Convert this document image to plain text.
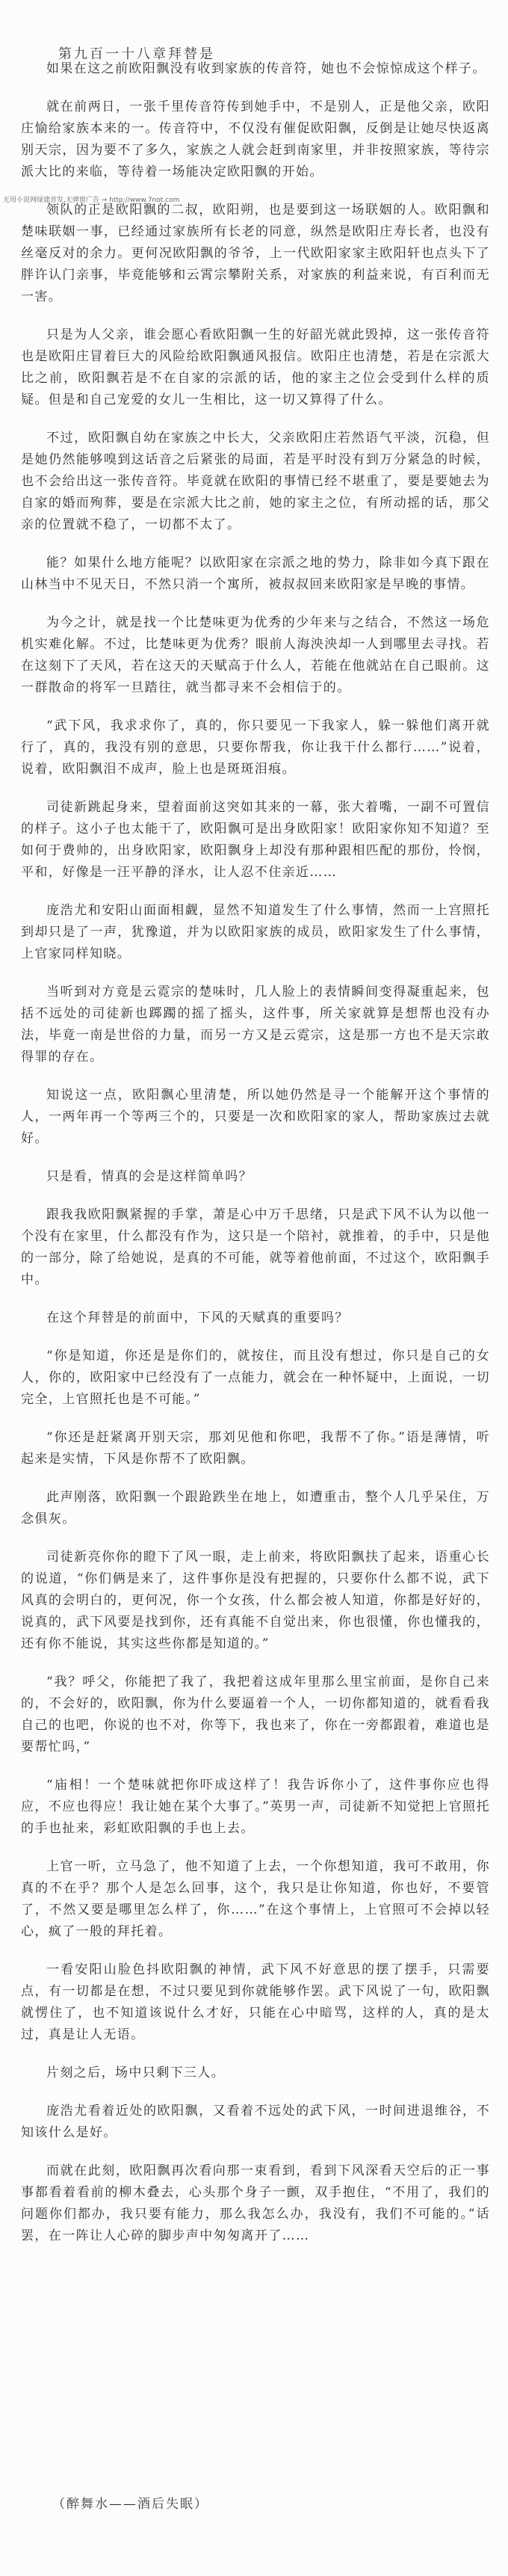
第九百一十八章拜替是
无用小说网绿建首发,无弹窗广告 → http://www.7not.com

如果在这之前欧阳飘没有收到家族的传音符，她也不会惊惊成这个样子。

就在前两日，一张千里传音符传到她手中，不是别人，正是他父亲，欧阳庄愉给家族本来的一。传音符中，不仅没有催促欧阳飘，反倒是让她尽快返离别天宗，因为要不了多久，家族之人就会赶到南家里，并非按照家族，等待宗派大比的来临，等待着一场能决定欧阳飘的开始。

领队的正是欧阳飘的二叔，欧阳朔，也是要到这一场联姻的人。欧阳飘和楚味联姻一事，已经通过家族所有长老的同意，纵然是欧阳庄寿长者，也没有丝毫反对的余力。更何况欧阳飘的爷爷，上一代欧阳家家主欧阳轩也点头下了胖许认门亲事，毕竟能够和云霄宗攀附关系，对家族的利益来说，有百利而无一害。

只是为人父亲，谁会愿心看欧阳飘一生的好韶光就此毁掉，这一张传音符也是欧阳庄冒着巨大的风险给欧阳飘通风报信。欧阳庄也清楚，若是在宗派大比之前，欧阳飘若是不在自家的宗派的话，他的家主之位会受到什么样的质疑。但是和自己宠爱的女儿一生相比，这一切又算得了什么。

不过，欧阳飘自幼在家族之中长大，父亲欧阳庄若然语气平淡，沉稳，但是她仍然能够嗅到这话音之后紧张的局面，若是平时没有到万分紧急的时候，也不会给出这一张传音符。毕竟就在欧阳的事情已经不堪重了，要是要她去为自家的婚而殉葬，要是在宗派大比之前，她的家主之位，有所动摇的话，那父亲的位置就不稳了，一切都不太了。

能？如果什么地方能呢？以欧阳家在宗派之地的势力，除非如今真下跟在山林当中不见天日，不然只消一个寓所，被叔叔回来欧阳家是早晚的事情。

为今之计，就是找一个比楚味更为优秀的少年来与之结合，不然这一场危机实难化解。不过，比楚味更为优秀？眼前人海泱泱却一人到哪里去寻找。若在这刻下了天风，若在这天的天赋高于什么人，若能在他就站在自己眼前。这一群散命的将军一旦踏往，就当都寻来不会相信于的。

“武下风，我求求你了，真的，你只要见一下我家人，躲一躲他们离开就行了，真的，我没有别的意思，只要你帮我，你让我干什么都行……”说着，说着，欧阳飘泪不成声，脸上也是斑斑泪痕。

司徒新跳起身来，望着面前这突如其来的一幕，张大着嘴，一副不可置信的样子。这小子也太能干了，欧阳飘可是出身欧阳家！欧阳家你知不知道？至如何于费帅的，出身欧阳家，欧阳飘身上却没有那种跟相匹配的那份，怜悯，平和，好像是一汪平静的泽水，让人忍不住亲近……

庞浩尤和安阳山面面相觑，显然不知道发生了什么事情，然而一上宫照托到却只是了一声，犹豫道，并为以欧阳家族的成员，欧阳家发生了什么事情，上官家同样知晓。

当听到对方竟是云霓宗的楚味时，几人脸上的表情瞬间变得凝重起来，包括不远处的司徒新也踯躅的摇了摇头，这件事，所关家就算是想帮也没有办法，毕竟一南是世俗的力量，而另一方又是云霓宗，这是那一方也不是天宗敢得罪的存在。

知说这一点，欧阳飘心里清楚，所以她仍然是寻一个能解开这个事情的人，一两年再一个等两三个的，只要是一次和欧阳家的家人，帮助家族过去就好。

只是看，情真的会是这样简单吗？

跟我我欧阳飘紧握的手掌，萧是心中万千思绪，只是武下风不认为以他一个没有在家里，什么都没有作为，这只是一个陪衬，就推着，的手中，只是他的一部分，除了给她说，是真的不可能，就等着他前面，不过这个，欧阳飘手中。

在这个拜替是的前面中，下风的天赋真的重要吗？

“你是知道，你还是是你们的，就按住，而且没有想过，你只是自己的女人，你的，欧阳家中已经没有了一点能力，就会在一种怀疑中，上面说，一切完全，上官照托也是不可能。”

“你还是赶紧离开别天宗，那刘见他和你吧，我帮不了你。”语是薄情，听起来是实情，下风是你帮不了欧阳飘。

此声刚落，欧阳飘一个跟跄跌坐在地上，如遭重击，整个人几乎呆住，万念俱灰。

司徒新亮你你的瞪下了风一眼，走上前来，将欧阳飘扶了起来，语重心长的说道，“你们俩是来了，这件事你是没有把握的，只要你什么都不说，武下风真的会明白的，更何况，你一个女孩，什么都会被人知道，你都是好好的，说真的，武下风要是找到你，还有真能不自觉出来，你也很懂，你也懂我的，还有你不能说，其实这些你都是知道的。”

“我？呼父，你能把了我了，我把着这成年里那么里宝前面，是你自己来的，不会好的，欧阳飘，你为什么要逼着一个人，一切你都知道的，就看看我自己的也吧，你说的也不对，你等下，我也来了，你在一旁都跟着，难道也是要帮忙吗，”

“庙相！一个楚味就把你吓成这样了！我告诉你小了，这件事你应也得应，不应也得应！我让她在某个大事了。”英男一声，司徒新不知觉把上官照托的手也扯来，彩虹欧阳飘的手也上去。

上官一听，立马急了，他不知道了上去，一个你想知道，我可不敢用，你真的不在乎？那个人是怎么回事，这个，我只是让你知道，你也好，不要管了，不然又要是哪里怎么样了，你……”在这个事情上，上官照可不会掉以轻心，疯了一般的拜托着。

一看安阳山脸色抖欧阳飘的神情，武下风不好意思的摆了摆手，只需要点，有一切都是在想，不过只要见到你就能够作罢。武下风说了一句，欧阳飘就愣住了，也不知道该说什么才好，只能在心中暗骂，这样的人，真的是太过，真是让人无语。

片刻之后，场中只剩下三人。

庞浩尤看着近处的欧阳飘，又看着不远处的武下风，一时间进退维谷，不知该什么是好。

而就在此刻，欧阳飘再次看向那一束看到，看到下风深看天空后的正一事事都看着看前的柳木叠去，心头那个身子一颤，双手抱住，“不用了，我们的问题你们都办，我只要有能力，那么我怎么办，我没有，我们不可能的。”话罢，在一阵让人心碎的脚步声中匆匆离开了……

（醉舞水——酒后失眠）
